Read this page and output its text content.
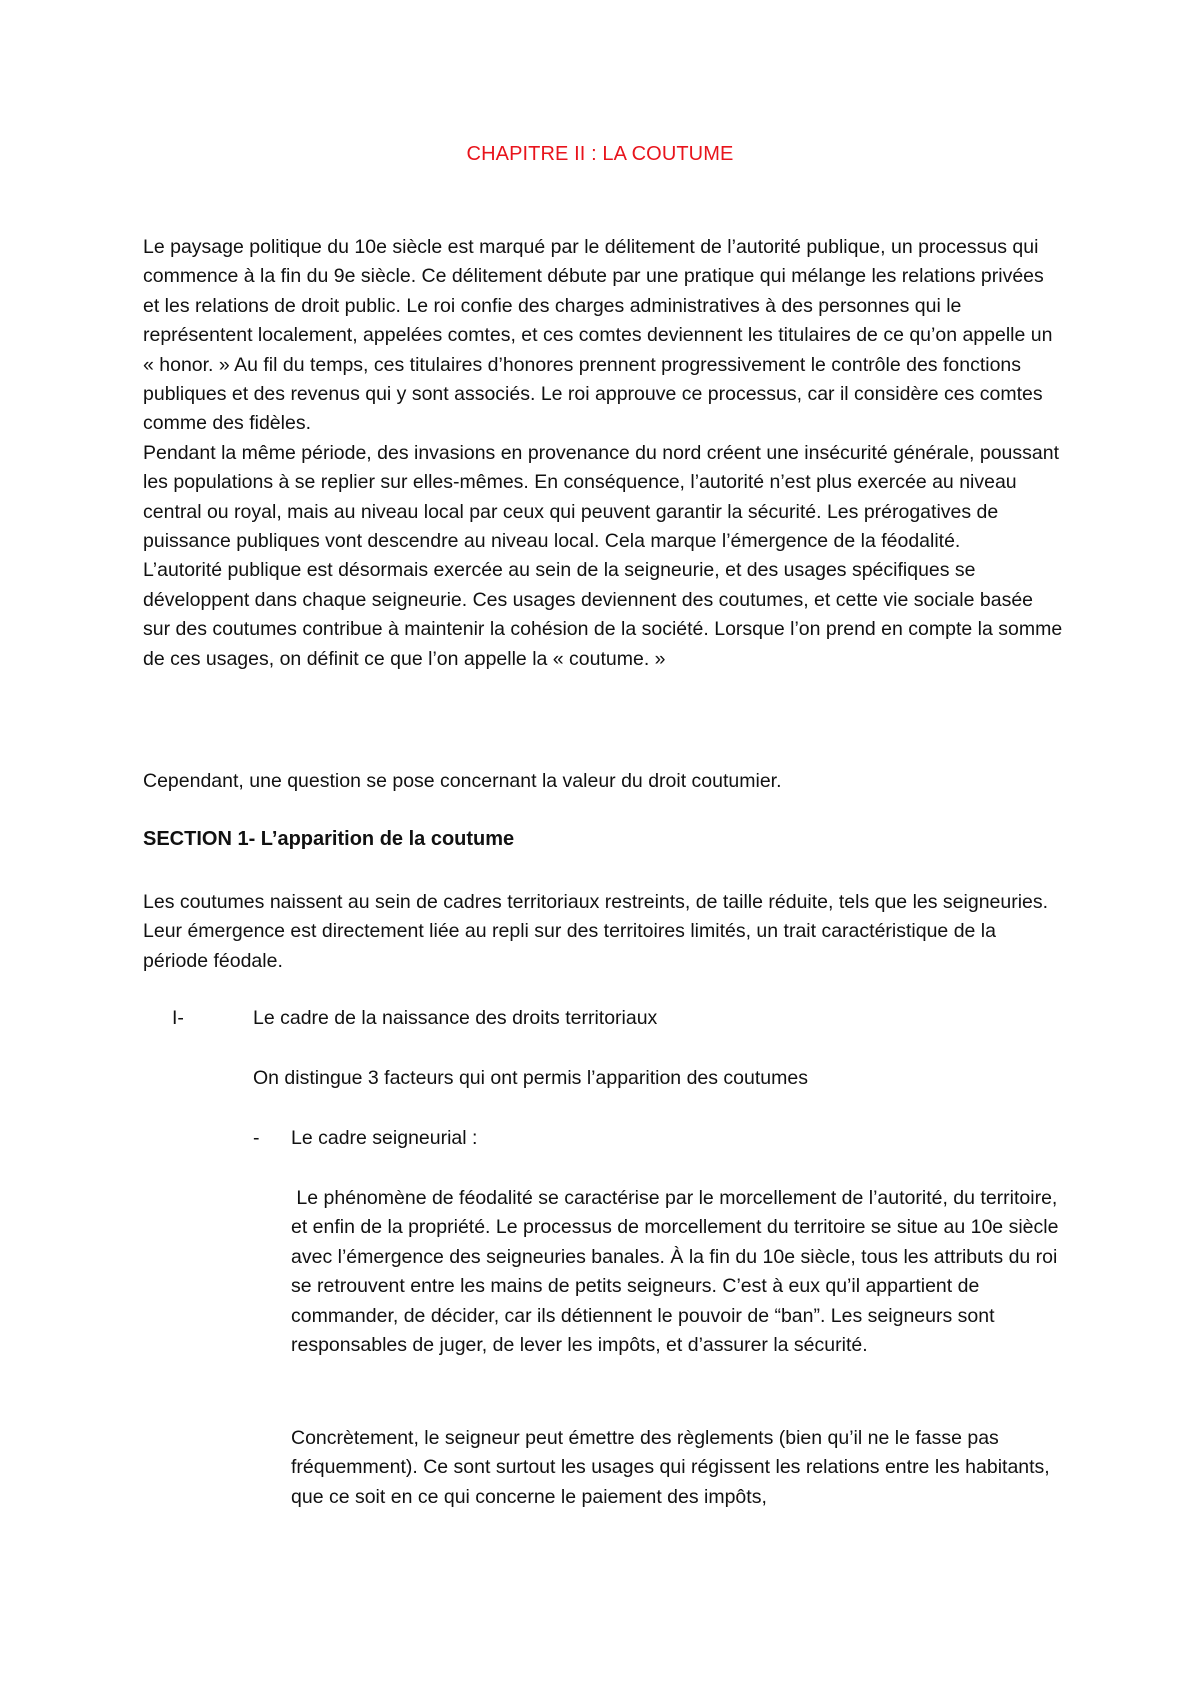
CHAPITRE II : LA COUTUME
Le paysage politique du 10e siècle est marqué par le délitement de l’autorité publique, un processus qui commence à la fin du 9e siècle. Ce délitement débute par une pratique qui mélange les relations privées et les relations de droit public. Le roi confie des charges administratives à des personnes qui le représentent localement, appelées comtes, et ces comtes deviennent les titulaires de ce qu’on appelle un « honor. » Au fil du temps, ces titulaires d’honores prennent progressivement le contrôle des fonctions publiques et des revenus qui y sont associés. Le roi approuve ce processus, car il considère ces comtes comme des fidèles.
Pendant la même période, des invasions en provenance du nord créent une insécurité générale, poussant les populations à se replier sur elles-mêmes. En conséquence, l’autorité n’est plus exercée au niveau central ou royal, mais au niveau local par ceux qui peuvent garantir la sécurité. Les prérogatives de puissance publiques vont descendre au niveau local. Cela marque l’émergence de la féodalité.
L’autorité publique est désormais exercée au sein de la seigneurie, et des usages spécifiques se développent dans chaque seigneurie. Ces usages deviennent des coutumes, et cette vie sociale basée sur des coutumes contribue à maintenir la cohésion de la société. Lorsque l’on prend en compte la somme de ces usages, on définit ce que l’on appelle la « coutume. »

Cependant, une question se pose concernant la valeur du droit coutumier.

SECTION 1- L’apparition de la coutume

Les coutumes naissent au sein de cadres territoriaux restreints, de taille réduite, tels que les seigneuries. Leur émergence est directement liée au repli sur des territoires limités, un trait caractéristique de la période féodale.

I-	Le cadre de la naissance des droits territoriaux

On distingue 3 facteurs qui ont permis l’apparition des coutumes

- Le cadre seigneurial :

Le phénomène de féodalité se caractérise par le morcellement de l’autorité, du territoire, et enfin de la propriété. Le processus de morcellement du territoire se situe au 10e siècle avec l’émergence des seigneuries banales. À la fin du 10e siècle, tous les attributs du roi se retrouvent entre les mains de petits seigneurs. C’est à eux qu’il appartient de commander, de décider, car ils détiennent le pouvoir de “ban”. Les seigneurs sont responsables de juger, de lever les impôts, et d’assurer la sécurité.

Concrètement, le seigneur peut émettre des règlements (bien qu’il ne le fasse pas fréquemment). Ce sont surtout les usages qui régissent les relations entre les habitants, que ce soit en ce qui concerne le paiement des impôts,
